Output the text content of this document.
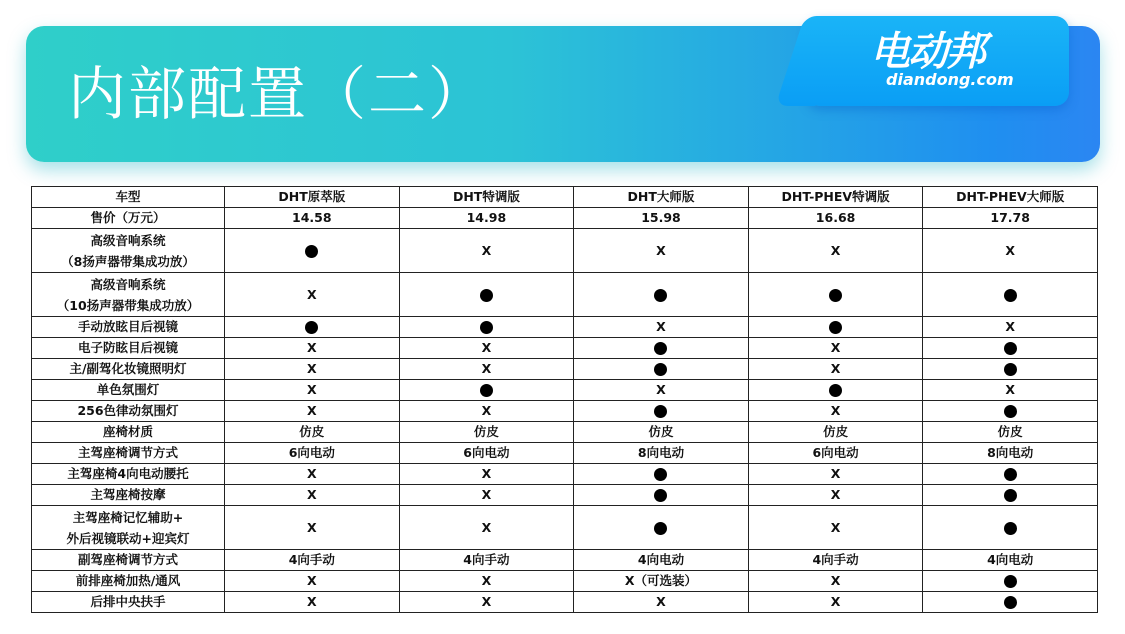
内部配置（二）
电动邦
diandong.com
车型	DHT原萃版	DHT特调版	DHT大师版	DHT-PHEV特调版	DHT-PHEV大师版

售价（万元）	14.58	14.98	15.98	16.68	17.78

高级音响系统
（8扬声器带集成功放）		X	X	X	X

高级音响系统
（10扬声器带集成功放）	X				

手动放眩目后视镜			X		X

电子防眩目后视镜	X	X		X	

主/副驾化妆镜照明灯	X	X		X	

单色氛围灯	X		X		X

256色律动氛围灯	X	X		X	

座椅材质	仿皮	仿皮	仿皮	仿皮	仿皮

主驾座椅调节方式	6向电动	6向电动	8向电动	6向电动	8向电动

主驾座椅4向电动腰托	X	X		X	

主驾座椅按摩	X	X		X	

主驾座椅记忆辅助+
外后视镜联动+迎宾灯	X	X		X	

副驾座椅调节方式	4向手动	4向手动	4向电动	4向手动	4向电动

前排座椅加热/通风	X	X	X（可选装）	X	

后排中央扶手	X	X	X	X	
